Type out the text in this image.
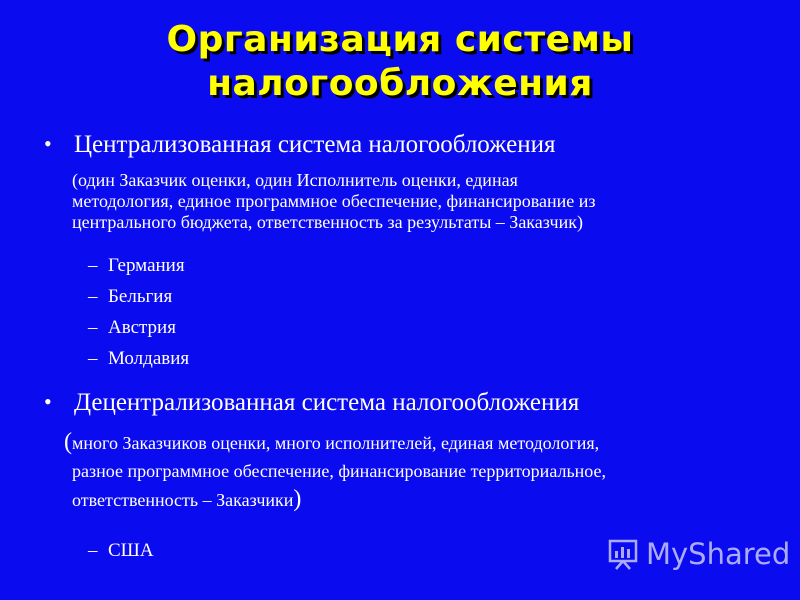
Организация системы
налогообложения
• Централизованная система налогообложения
(один Заказчик оценки, один Исполнитель оценки, единая
методология, единое программное обеспечение, финансирование из
центрального бюджета, ответственность за результаты – Заказчик)
– Германия
– Бельгия
– Австрия
– Молдавия
• Децентрализованная система налогообложения
(много Заказчиков оценки, много исполнителей, единая методология,
разное программное обеспечение, финансирование территориальное,
ответственность – Заказчики)
– США	MyShared
